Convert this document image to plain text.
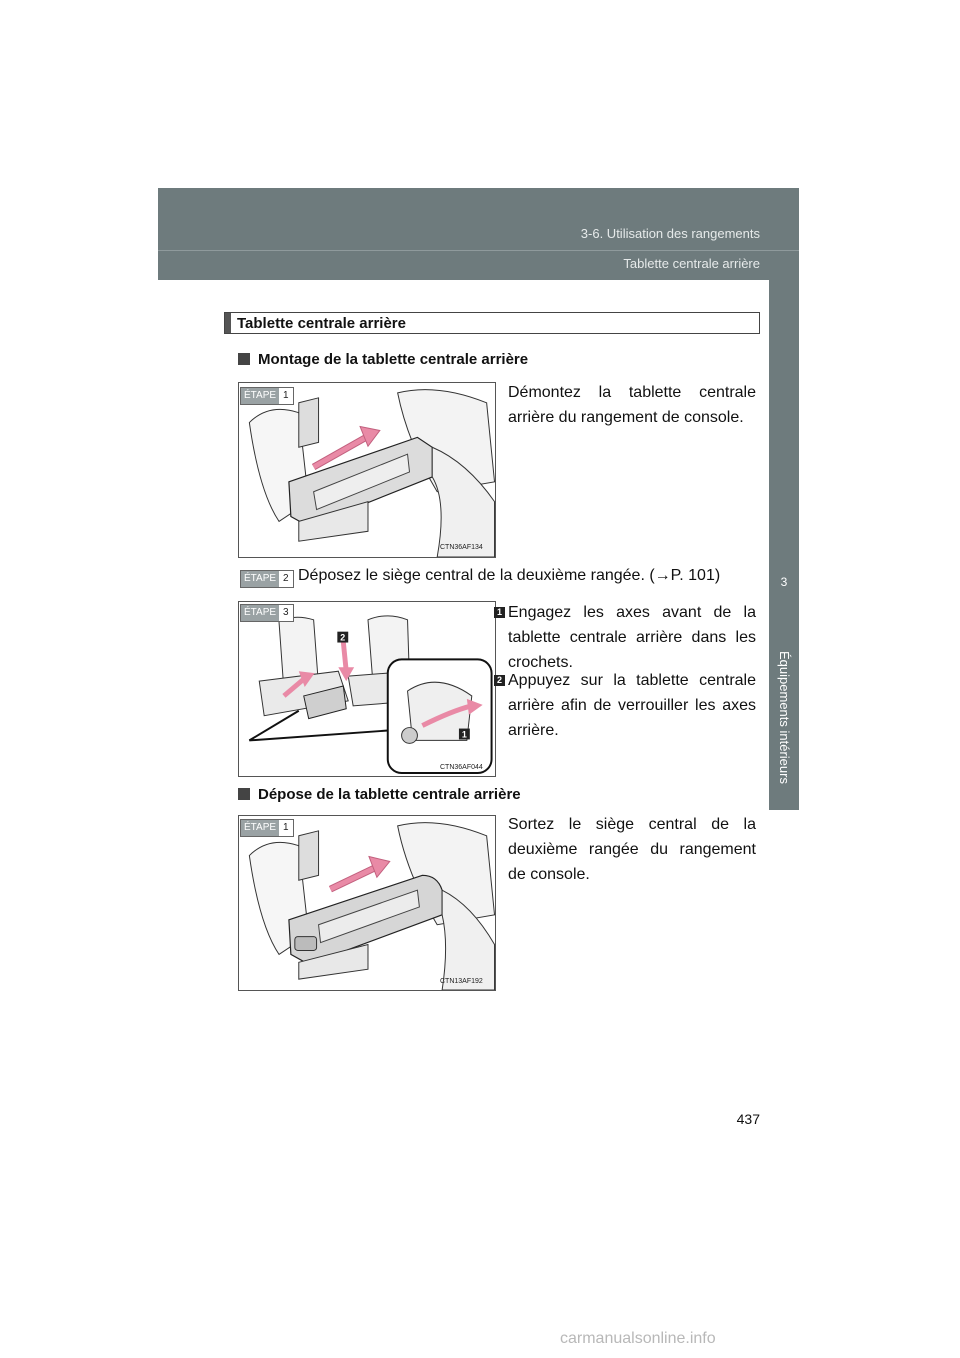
3-6. Utilisation des rangements
Tablette centrale arrière
3
Équipements intérieurs
Tablette centrale arrière
Montage de la tablette centrale arrière
ÉTAPE 1
CTN36AF134
Démontez la tablette centrale arrière du rangement de console.
ÉTAPE 2 Déposez le siège central de la deuxième rangée. (→P. 101)
2
1
ÉTAPE 3
CTN36AF044
1 Engagez les axes avant de la tablette centrale arrière dans les crochets.
2 Appuyez sur la tablette centrale arrière afin de verrouiller les axes arrière.
Dépose de la tablette centrale arrière
ÉTAPE 1
CTN13AF192
Sortez le siège central de la deuxième rangée du rangement de console.
437
carmanualsonline.info
